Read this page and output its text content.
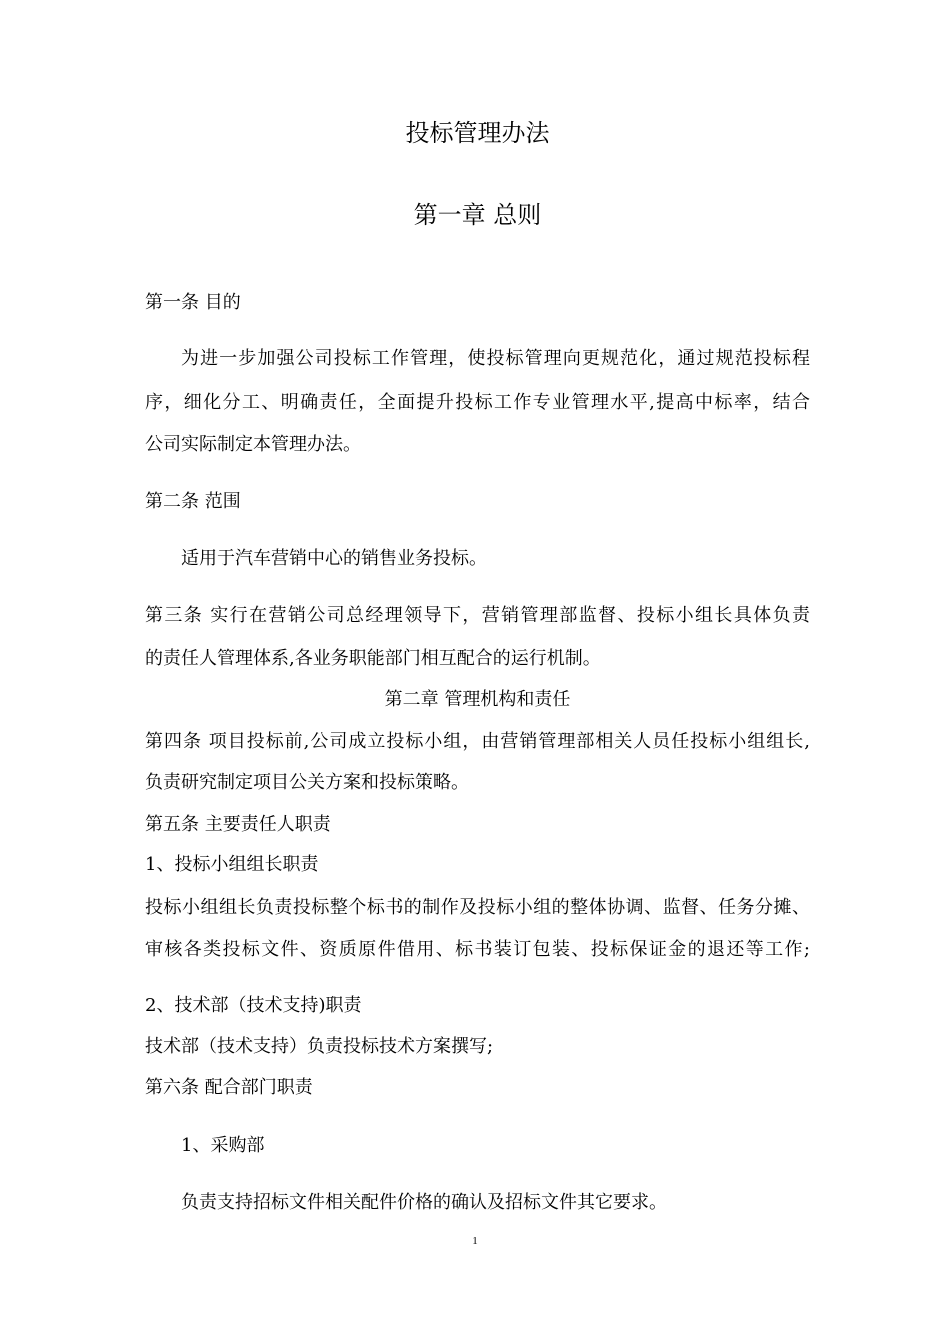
投标管理办法
第一章 总则
第一条 目的
为进一步加强公司投标工作管理，使投标管理向更规范化，通过规范投标程
序，细化分工、明确责任，全面提升投标工作专业管理水平,提高中标率，结合
公司实际制定本管理办法。
第二条 范围
适用于汽车营销中心的销售业务投标。
第三条 实行在营销公司总经理领导下，营销管理部监督、投标小组长具体负责
的责任人管理体系,各业务职能部门相互配合的运行机制。
第二章 管理机构和责任
第四条 项目投标前,公司成立投标小组，由营销管理部相关人员任投标小组组长,
负责研究制定项目公关方案和投标策略。
第五条 主要责任人职责
1、投标小组组长职责
投标小组组长负责投标整个标书的制作及投标小组的整体协调、监督、任务分摊、
审核各类投标文件、资质原件借用、标书装订包装、投标保证金的退还等工作;
2、技术部（技术支持)职责
技术部（技术支持）负责投标技术方案撰写;
第六条 配合部门职责
1、采购部
负责支持招标文件相关配件价格的确认及招标文件其它要求。
1
